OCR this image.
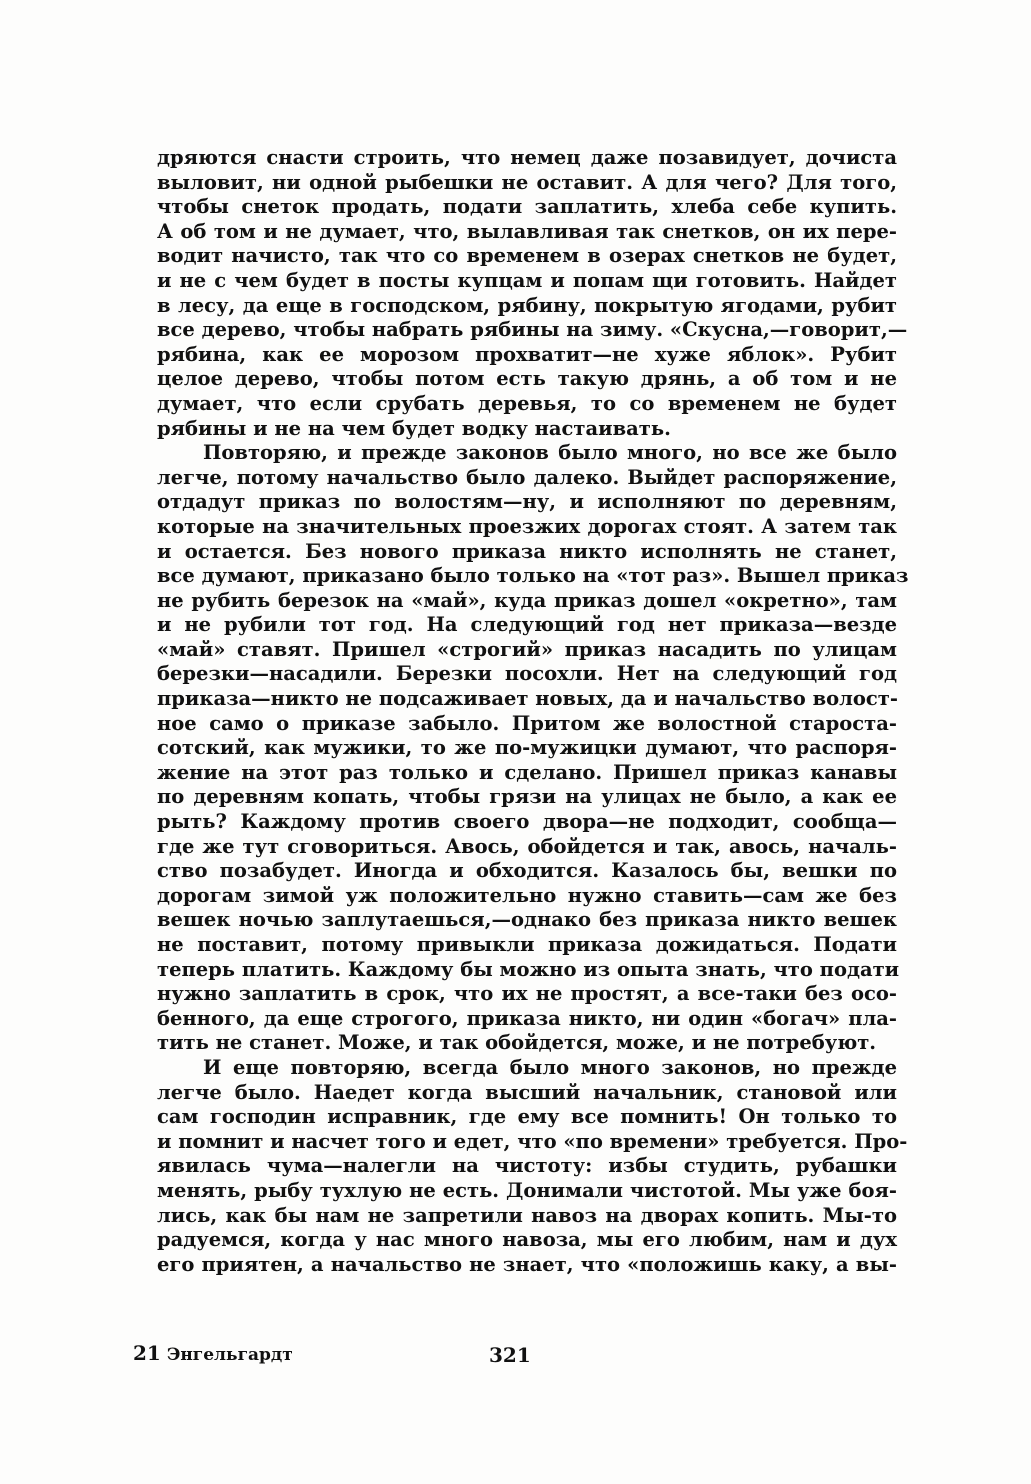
дряются снасти строить, что немец даже позавидует, дочиста
выловит, ни одной рыбешки не оставит. А для чего? Для того,
чтобы снеток продать, подати заплатить, хлеба себе купить.
А об том и не думает, что, вылавливая так снетков, он их пере-
водит начисто, так что со временем в озерах снетков не будет,
и не с чем будет в посты купцам и попам щи готовить. Найдет
в лесу, да еще в господском, рябину, покрытую ягодами, рубит
все дерево, чтобы набрать рябины на зиму. «Скусна,—говорит,—
рябина, как ее морозом прохватит—не хуже яблок». Рубит
целое дерево, чтобы потом есть такую дрянь, а об том и не
думает, что если срубать деревья, то со временем не будет
рябины и не на чем будет водку настаивать.
Повторяю, и прежде законов было много, но все же было
легче, потому начальство было далеко. Выйдет распоряжение,
отдадут приказ по волостям—ну, и исполняют по деревням,
которые на значительных проезжих дорогах стоят. А затем так
и остается. Без нового приказа никто исполнять не станет,
все думают, приказано было только на «тот раз». Вышел приказ
не рубить березок на «май», куда приказ дошел «окретно», там
и не рубили тот год. На следующий год нет приказа—везде
«май» ставят. Пришел «строгий» приказ насадить по улицам
березки—насадили. Березки посохли. Нет на следующий год
приказа—никто не подсаживает новых, да и начальство волост-
ное само о приказе забыло. Притом же волостной староста-
сотский, как мужики, то же по-мужицки думают, что распоря-
жение на этот раз только и сделано. Пришел приказ канавы
по деревням копать, чтобы грязи на улицах не было, а как ее
рыть? Каждому против своего двора—не подходит, сообща—
где же тут сговориться. Авось, обойдется и так, авось, началь-
ство позабудет. Иногда и обходится. Казалось бы, вешки по
дорогам зимой уж положительно нужно ставить—сам же без
вешек ночью заплутаешься,—однако без приказа никто вешек
не поставит, потому привыкли приказа дожидаться. Подати
теперь платить. Каждому бы можно из опыта знать, что подати
нужно заплатить в срок, что их не простят, а все-таки без осо-
бенного, да еще строгого, приказа никто, ни один «богач» пла-
тить не станет. Може, и так обойдется, може, и не потребуют.
И еще повторяю, всегда было много законов, но прежде
легче было. Наедет когда высший начальник, становой или
сам господин исправник, где ему все помнить! Он только то
и помнит и насчет того и едет, что «по времени» требуется. Про-
явилась чума—налегли на чистоту: избы студить, рубашки
менять, рыбу тухлую не есть. Донимали чистотой. Мы уже боя-
лись, как бы нам не запретили навоз на дворах копить. Мы-то
радуемся, когда у нас много навоза, мы его любим, нам и дух
его приятен, а начальство не знает, что «положишь каку, а вы-
21 Энгельгардт	321
